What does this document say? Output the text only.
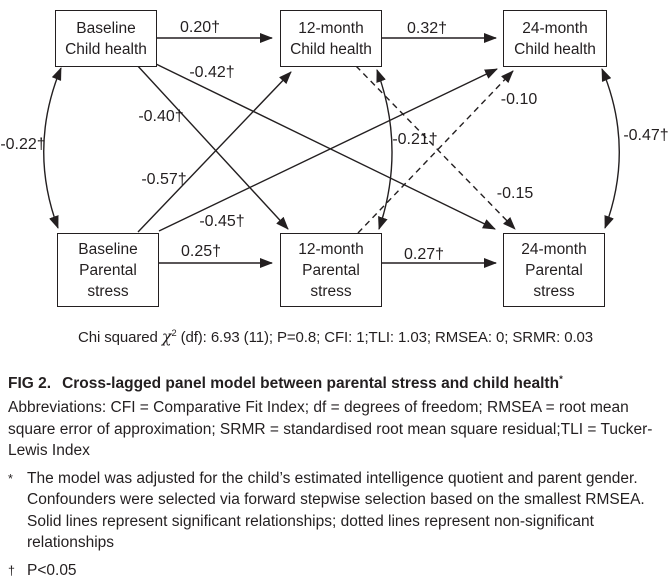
Baseline
Child health
12-month
Child health
24-month
Child health
Baseline
Parental
stress
12-month
Parental
stress
24-month
Parental
stress
0.20†	0.32†
0.25†	0.27†
-0.40†
-0.42†
-0.57†
-0.45†
-0.15
-0.10
-0.22†	-0.21†	-0.47†
Chi squared $\chi^2$ (df): 6.93 (11); P=0.8; CFI: 1;TLI: 1.03; RMSEA: 0; SRMR: 0.03
FIG 2. Cross-lagged panel model between parental stress and child health*
Abbreviations: CFI = Comparative Fit Index; df = degrees of freedom; RMSEA = root mean square error of approximation; SRMR = standardised root mean square residual;TLI = Tucker-Lewis Index
* The model was adjusted for the child’s estimated intelligence quotient and parent gender. Confounders were selected via forward stepwise selection based on the smallest RMSEA. Solid lines represent significant relationships; dotted lines represent non-significant relationships
† P<0.05
